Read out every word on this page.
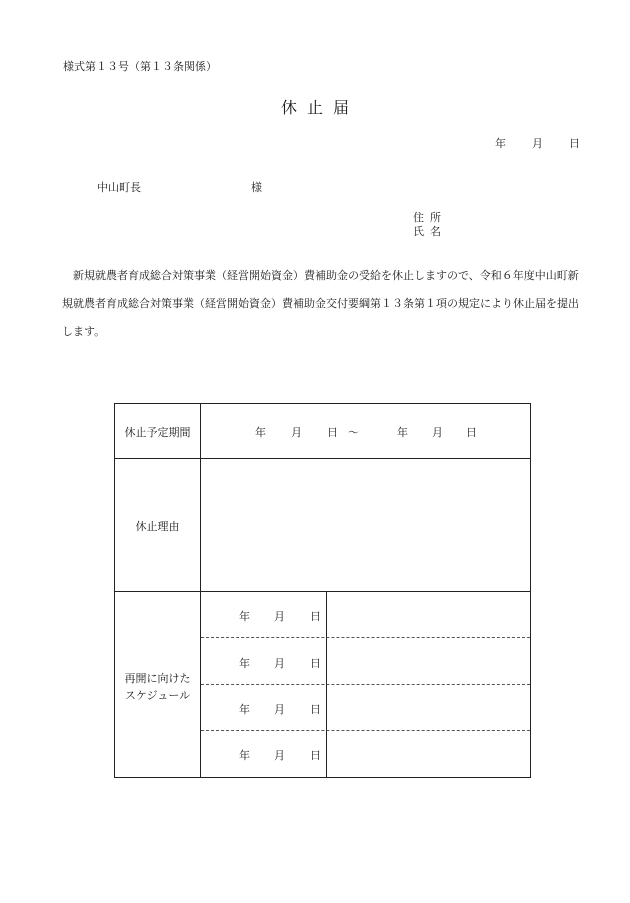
様式第１３号（第１３条関係）
休止届
年 月 日
中山町長	様
住所
氏名
新規就農者育成総合対策事業（経営開始資金）費補助金の受給を休止しますので、令和６年度中山町新規就農者育成総合対策事業（経営開始資金）費補助金交付要綱第１３条第１項の規定により休止届を提出します。
休止予定期間	年 月 日 ～	年 月 日
休止理由
再開に向けた
スケジュール
年 月 日
年 月 日
年 月 日
年 月 日
